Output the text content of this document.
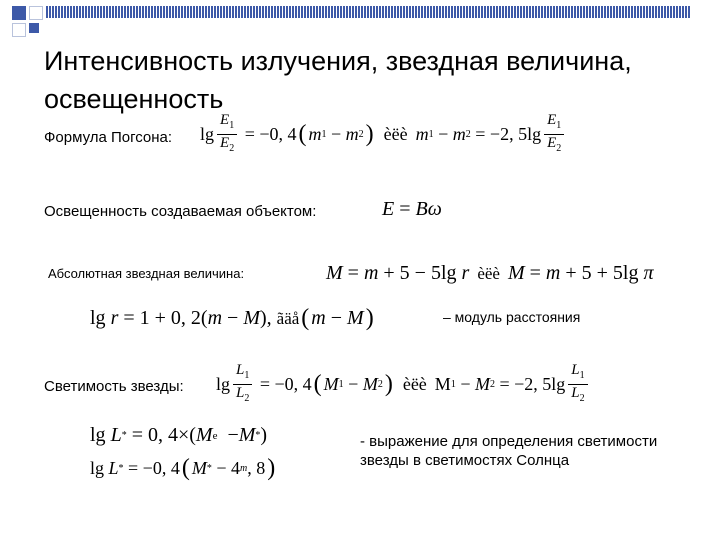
Интенсивность излучения, звездная величина, освещенность
Формула Погсона: $\lg \frac{E_1}{E_2} = -0$, 4 ( m 1 − m 2 ) èëè m 1 − m 2 = −2, $5\lg \frac{E_1}{E_2}$
Освещенность создаваемая объектом:	E = Bω
Абсолютная звездная величина:	M = m + 5 − 5lg r èëè M = m + 5 + 5lg π
lg r = 1 + 0, 2( m − M ), ãäå ( m − M )	– модуль расстояния
Светимость звезды: $\lg \frac{L_1}{L_2} = -0$, 4 ( M 1 − M 2 ) èëè M 1 − M 2 = −2, $5\lg \frac{L_1}{L_2}$
lg L * = 0, 4×( M e − M * )
lg L * = −0, 4 ( M * − 4 m , 8 )
- выражение для определения светимости звезды в светимостях Солнца
